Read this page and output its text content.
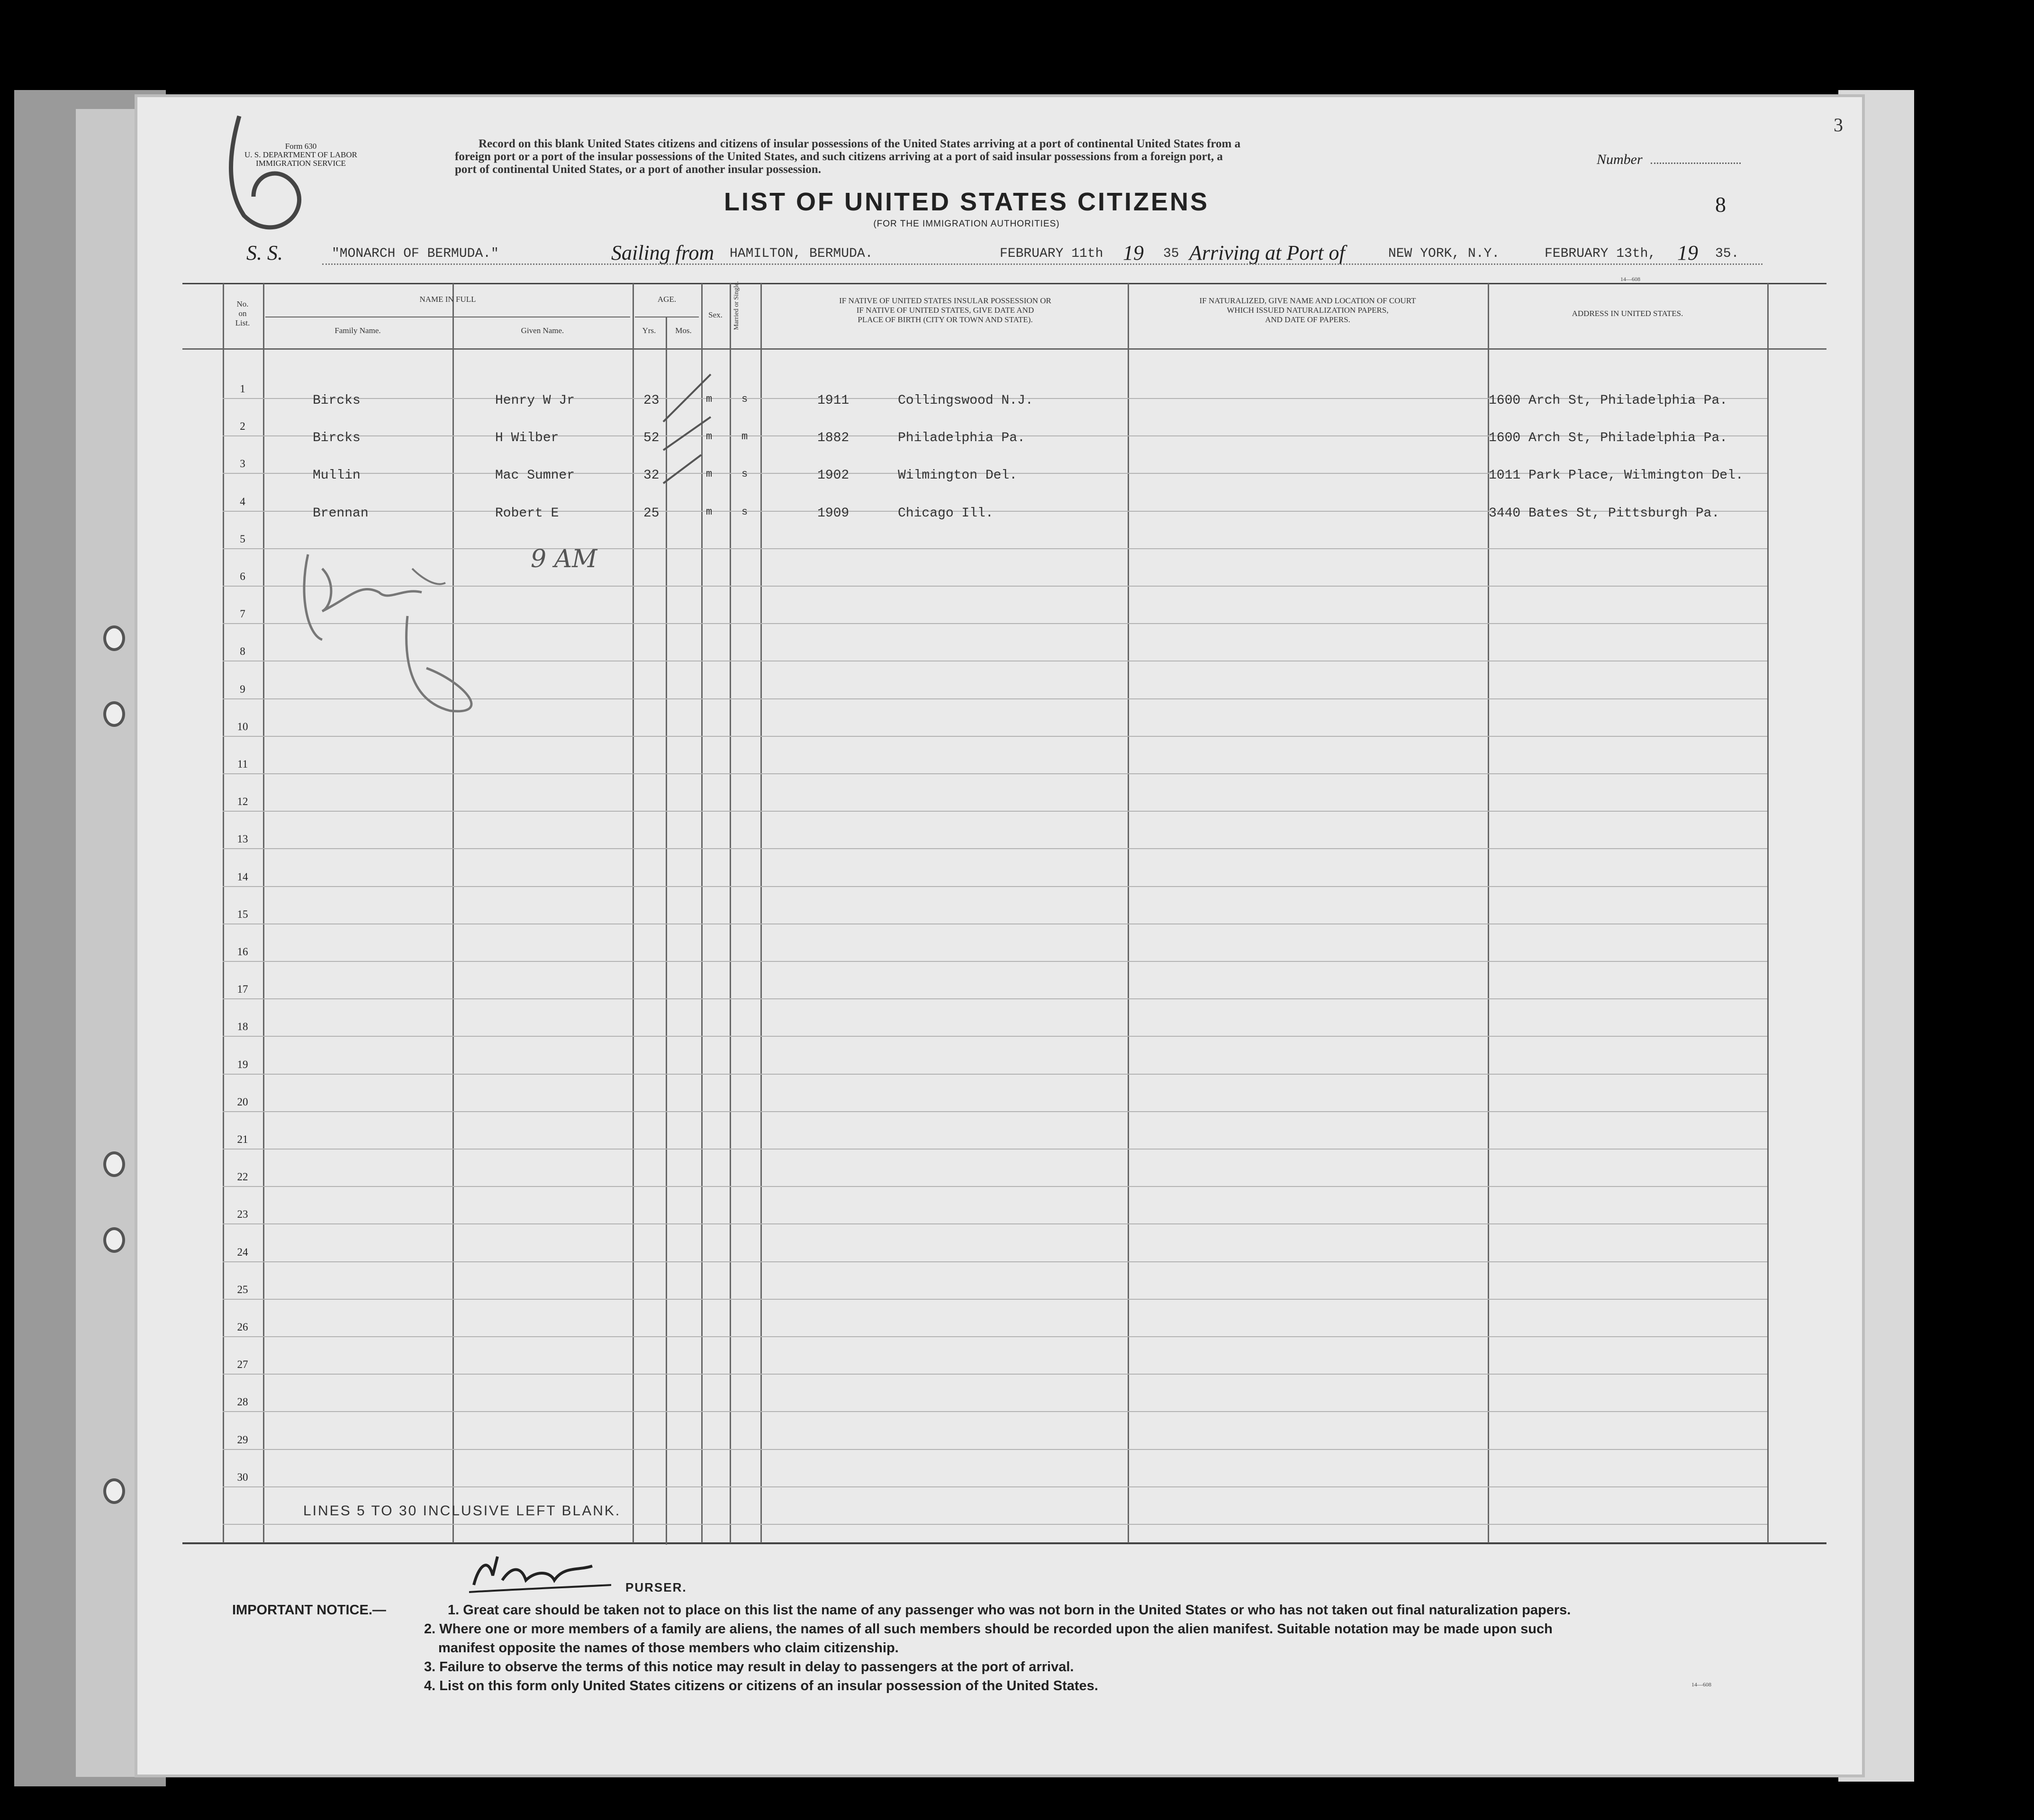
3
Form 630
U. S. DEPARTMENT OF LABOR
IMMIGRATION SERVICE
Record on this blank United States citizens and citizens of insular possessions of the United States arriving at a port of continental United States from a
foreign port or a port of the insular possessions of the United States, and such citizens arriving at a port of said insular possessions from a foreign port, a
port of continental United States, or a port of another insular possession.
Number
8
LIST OF UNITED STATES CITIZENS
(FOR THE IMMIGRATION AUTHORITIES)
S. S.	"MONARCH OF BERMUDA."	Sailing from HAMILTON, BERMUDA.	FEBRUARY 11th 19 35 Arriving at Port of	NEW YORK, N.Y.	FEBRUARY 13th, 19 35.
14—608
No.
on
List.
NAME IN FULL
Family Name.	Given Name.
AGE.
Yrs.	Mos.
Sex.	Married or Single.	IF NATIVE OF UNITED STATES INSULAR POSSESSION OR
IF NATIVE OF UNITED STATES, GIVE DATE AND
PLACE OF BIRTH (CITY OR TOWN AND STATE).
IF NATURALIZED, GIVE NAME AND LOCATION OF COURT
WHICH ISSUED NATURALIZATION PAPERS,
AND DATE OF PAPERS.
ADDRESS IN UNITED STATES.
1
Bircks	Henry W Jr	23	m	s	1911	Collingswood N.J.	1600 Arch St, Philadelphia Pa.
2
Bircks	H Wilber	52	m	m	1882	Philadelphia Pa.	1600 Arch St, Philadelphia Pa.
3
Mullin	Mac Sumner	32	m	s	1902	Wilmington Del.	1011 Park Place, Wilmington Del.
4
Brennan	Robert E	25	m	s	1909	Chicago Ill.	3440 Bates St, Pittsburgh Pa.
5
6
7
8
9
10
11
12
13
14
15
16
17
18
19
20
21
22
23
24
25
26
27
28
29
30
9 AM
LINES 5 TO 30 INCLUSIVE LEFT BLANK.
PURSER.
IMPORTANT NOTICE.—	1. Great care should be taken not to place on this list the name of any passenger who was not born in the United States or who has not taken out final naturalization papers.
2. Where one or more members of a family are aliens, the names of all such members should be recorded upon the alien manifest. Suitable notation may be made upon such
manifest opposite the names of those members who claim citizenship.
3. Failure to observe the terms of this notice may result in delay to passengers at the port of arrival.
4. List on this form only United States citizens or citizens of an insular possession of the United States.	14—608
